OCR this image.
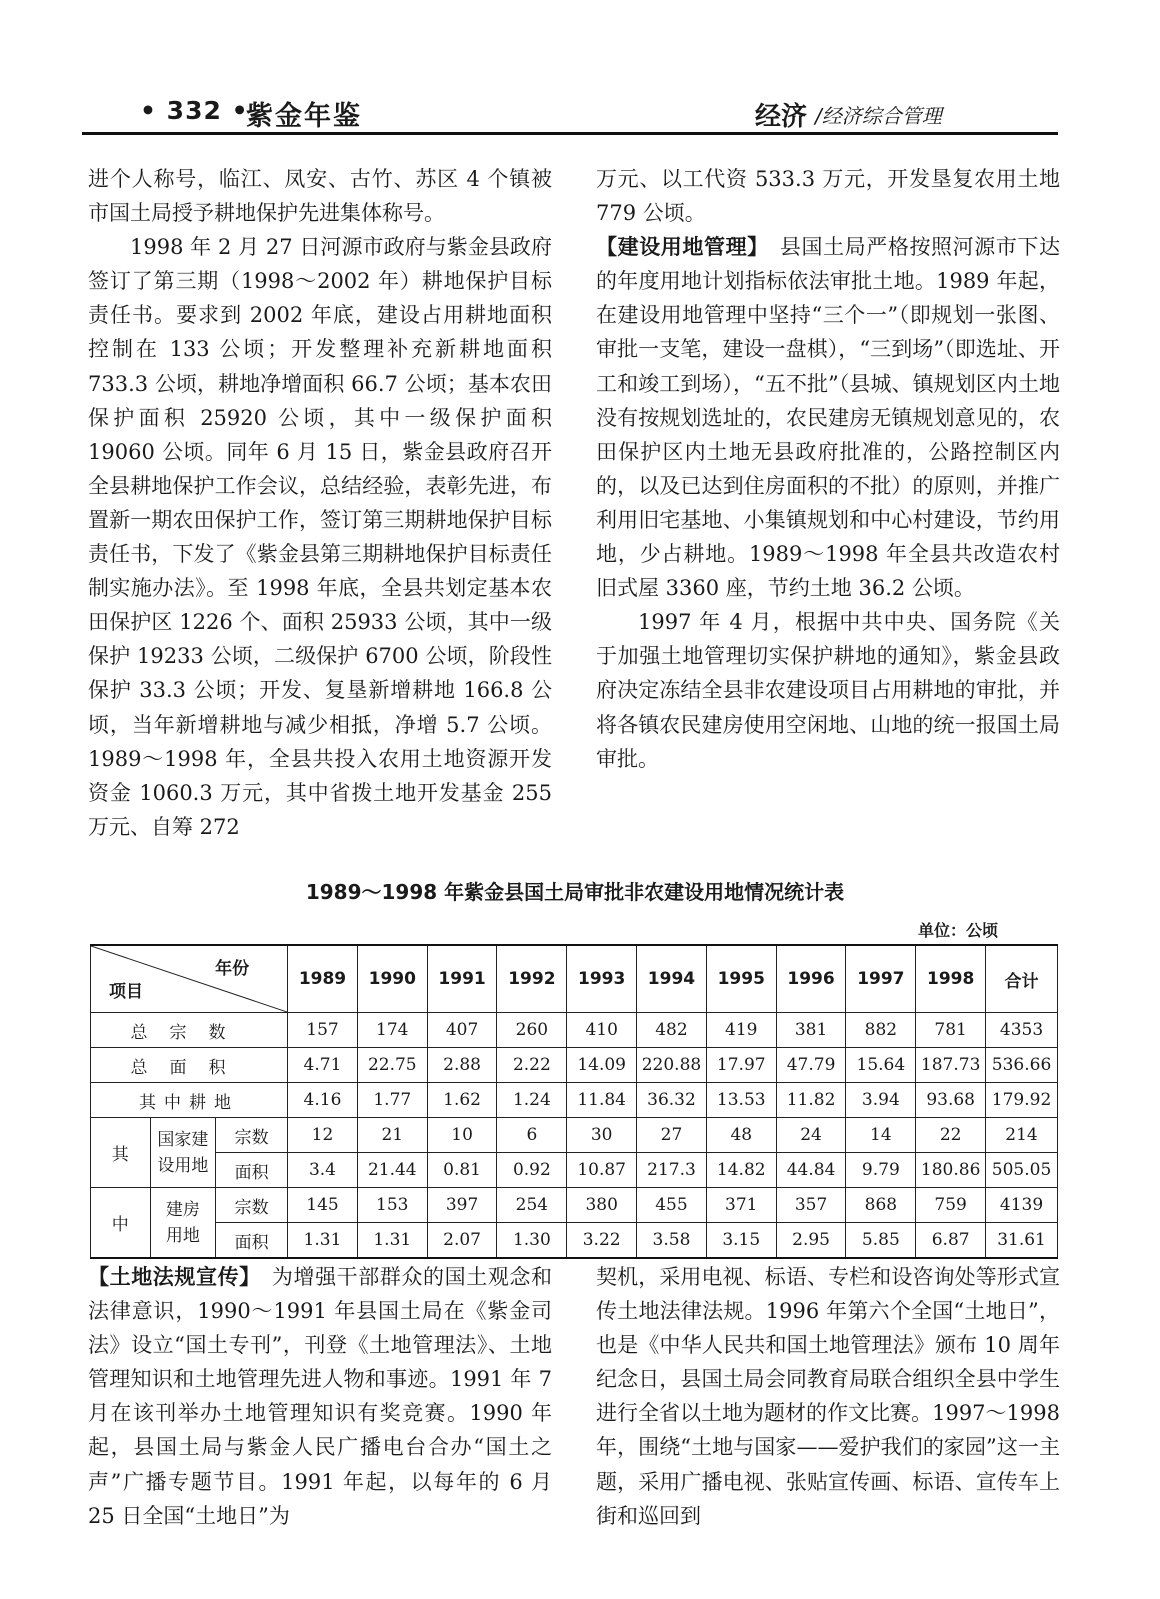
• 332 •
紫金年鉴	经济 /经济综合管理

进个人称号，临江、凤安、古竹、苏区 4 个镇被市国土局授予耕地保护先进集体称号。

1998 年 2 月 27 日河源市政府与紫金县政府签订了第三期（1998～2002 年）耕地保护目标责任书。要求到 2002 年底，建设占用耕地面积控制在 133 公顷；开发整理补充新耕地面积 733.3 公顷，耕地净增面积 66.7 公顷；基本农田保护面积 25920 公顷，其中一级保护面积 19060 公顷。同年 6 月 15 日，紫金县政府召开全县耕地保护工作会议，总结经验，表彰先进，布置新一期农田保护工作，签订第三期耕地保护目标责任书，下发了《紫金县第三期耕地保护目标责任制实施办法》。至 1998 年底，全县共划定基本农田保护区 1226 个、面积 25933 公顷，其中一级保护 19233 公顷，二级保护 6700 公顷，阶段性保护 33.3 公顷；开发、复垦新增耕地 166.8 公顷，当年新增耕地与减少相抵，净增 5.7 公顷。1989～1998 年，全县共投入农用土地资源开发资金 1060.3 万元，其中省拨土地开发基金 255 万元、自筹 272

万元、以工代资 533.3 万元，开发垦复农用土地 779 公顷。

【建设用地管理】　 县国土局严格按照河源市下达的年度用地计划指标依法审批土地。1989 年起，在建设用地管理中坚持“三个一”（即规划一张图、审批一支笔，建设一盘棋），“三到场”（即选址、开工和竣工到场），“五不批”（县城、镇规划区内土地没有按规划选址的，农民建房无镇规划意见的，农田保护区内土地无县政府批准的，公路控制区内的，以及已达到住房面积的不批）的原则，并推广利用旧宅基地、小集镇规划和中心村建设，节约用地，少占耕地。1989～1998 年全县共改造农村旧式屋 3360 座，节约土地 36.2 公顷。

1997 年 4 月，根据中共中央、国务院《关于加强土地管理切实保护耕地的通知》，紫金县政府决定冻结全县非农建设项目占用耕地的审批，并将各镇农民建房使用空闲地、山地的统一报国土局审批。

1989～1998 年紫金县国土局审批非农建设用地情况统计表
单位：公顷
年份
项目			1989	1990	1991	1992	1993	1994	1995	1996	1997	1998	合计
总宗数			157	174	407	260	410	482	419	381	882	781	4353
总面积			4.71	22.75	2.88	2.22	14.09	220.88	17.97	47.79	15.64	187.73	536.66
其中耕地			4.16	1.77	1.62	1.24	11.84	36.32	13.53	11.82	3.94	93.68	179.92
其	国家建设用地	宗数	12	21	10	6	30	27	48	24	14	22	214
		面积	3.4	21.44	0.81	0.92	10.87	217.3	14.82	44.84	9.79	180.86	505.05
中	建房用地	宗数	145	153	397	254	380	455	371	357	868	759	4139
		面积	1.31	1.31	2.07	1.30	3.22	3.58	3.15	2.95	5.85	6.87	31.61

【土地法规宣传】　 为增强干部群众的国土观念和法律意识，1990～1991 年县国土局在《紫金司法》设立“国土专刊”，刊登《土地管理法》、土地管理知识和土地管理先进人物和事迹。1991 年 7 月在该刊举办土地管理知识有奖竞赛。1990 年起，县国土局与紫金人民广播电台合办“国土之声”广播专题节目。1991 年起，以每年的 6 月 25 日全国“土地日”为

契机，采用电视、标语、专栏和设咨询处等形式宣传土地法律法规。1996 年第六个全国“土地日”，也是《中华人民共和国土地管理法》颁布 10 周年纪念日，县国土局会同教育局联合组织全县中学生进行全省以土地为题材的作文比赛。1997～1998 年，围绕“土地与国家——爱护我们的家园”这一主题，采用广播电视、张贴宣传画、标语、宣传车上街和巡回到
